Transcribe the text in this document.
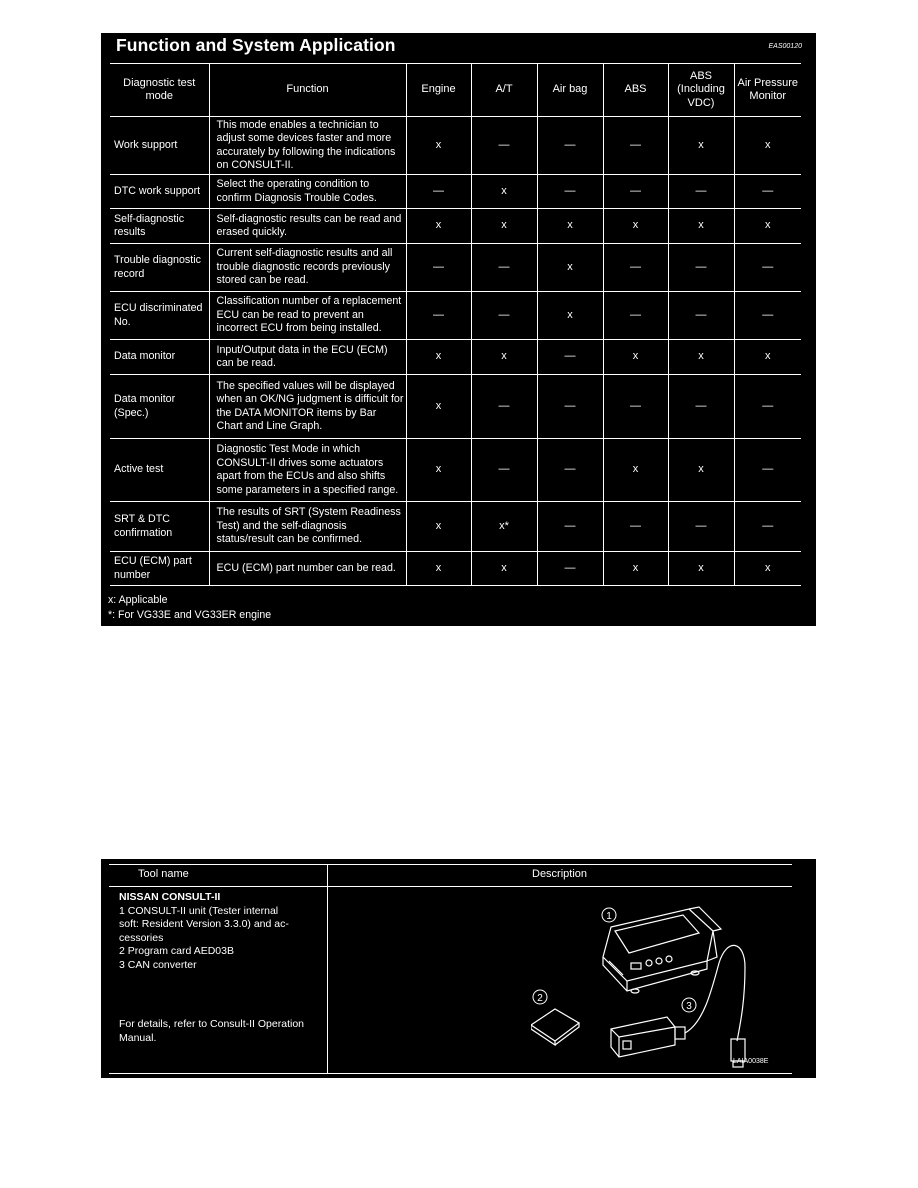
Function and System Application	EAS00120
Diagnostic test mode	Function	Engine	A/T	Air bag	ABS	ABS (Including VDC)	Air Pressure Monitor
Work support	This mode enables a technician to adjust some devices faster and more accurately by following the indications on CONSULT-II.	x	—	—	—	x	x
DTC work support	Select the operating condition to confirm Diagnosis Trouble Codes.	—	x	—	—	—	—
Self-diagnostic results	Self-diagnostic results can be read and erased quickly.	x	x	x	x	x	x
Trouble diagnostic record	Current self-diagnostic results and all trouble diagnostic records previously stored can be read.	—	—	x	—	—	—
ECU discriminated No.	Classification number of a replacement ECU can be read to prevent an incorrect ECU from being installed.	—	—	x	—	—	—
Data monitor	Input/Output data in the ECU (ECM) can be read.	x	x	—	x	x	x
Data monitor (Spec.)	The specified values will be displayed when an OK/NG judgment is difficult for the DATA MONITOR items by Bar Chart and Line Graph.	x	—	—	—	—	—
Active test	Diagnostic Test Mode in which CONSULT-II drives some actuators apart from the ECUs and also shifts some parameters in a specified range.	x	—	—	x	x	—
SRT & DTC confirmation	The results of SRT (System Readiness Test) and the self-diagnosis status/result can be confirmed.	x	x*	—	—	—	—
ECU (ECM) part number	ECU (ECM) part number can be read.	x	x	—	x	x	x
x: Applicable
*: For VG33E and VG33ER engine
Tool name	Description
NISSAN CONSULT-II
1 CONSULT-II unit (Tester internal
soft: Resident Version 3.3.0) and ac-
cessories
2 Program card AED03B
3 CAN converter
For details, refer to Consult-II Operation Manual.
1
2
3
LAIA0038E
